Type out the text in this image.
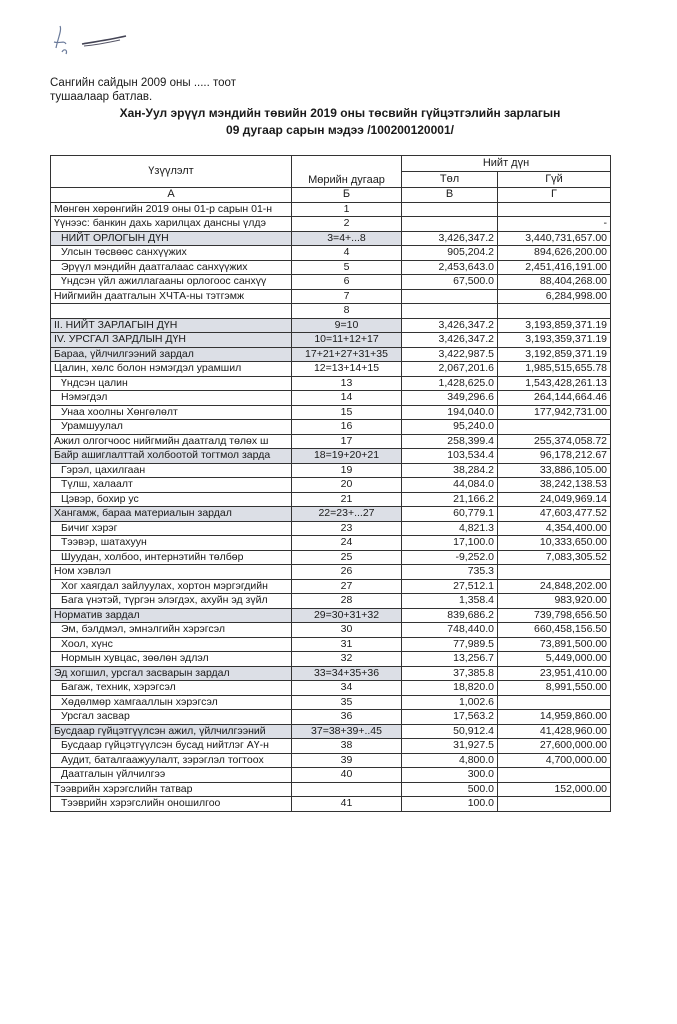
Сангийн сайдын 2009 оны ..... тоот
тушаалаар батлав.
Хан-Уул эрүүл мэндийн төвийн 2019 оны төсвийн гүйцэтгэлийн зарлагын
09 дугаар сарын мэдээ /100200120001/
Үзүүлэлт	Мөрийн дугаар	Нийт дүн	
		Төл	Гүй
А	Б	В	Г
Мөнгөн хөрөнгийн 2019 оны 01-р сарын 01-н	1		
Үүнээс: банкин дахь харилцах дансны үлдэ	2		-
НИЙТ ОРЛОГЫН ДҮН	3=4+...8	3,426,347.2	3,440,731,657.00
Улсын төсвөөс санхүүжих	4	905,204.2	894,626,200.00
Эрүүл мэндийн даатгалаас санхүүжих	5	2,453,643.0	2,451,416,191.00
Үндсэн үйл ажиллагааны орлогоос санхүү	6	67,500.0	88,404,268.00
Нийгмийн даатгалын ХЧТА-ны тэтгэмж	7		6,284,998.00
	8		
II. НИЙТ ЗАРЛАГЫН ДҮН	9=10	3,426,347.2	3,193,859,371.19
IV. УРСГАЛ ЗАРДЛЫН ДҮН	10=11+12+17	3,426,347.2	3,193,359,371.19
Бараа, үйлчилгээний зардал	17+21+27+31+35	3,422,987.5	3,192,859,371.19
Цалин, хөлс болон нэмэгдэл урамшил	12=13+14+15	2,067,201.6	1,985,515,655.78
Үндсэн цалин	13	1,428,625.0	1,543,428,261.13
Нэмэгдэл	14	349,296.6	264,144,664.46
Унаа хоолны Хөнгөлөлт	15	194,040.0	177,942,731.00
Урамшуулал	16	95,240.0	
Ажил олгогчоос нийгмийн даатгалд төлөх ш	17	258,399.4	255,374,058.72
Байр ашиглалттай холбоотой тогтмол зарда	18=19+20+21	103,534.4	96,178,212.67
Гэрэл, цахилгаан	19	38,284.2	33,886,105.00
Түлш, халаалт	20	44,084.0	38,242,138.53
Цэвэр, бохир ус	21	21,166.2	24,049,969.14
Хангамж, бараа материалын зардал	22=23+...27	60,779.1	47,603,477.52
Бичиг хэрэг	23	4,821.3	4,354,400.00
Тээвэр, шатахуун	24	17,100.0	10,333,650.00
Шуудан, холбоо, интернэтийн төлбөр	25	-9,252.0	7,083,305.52
Ном хэвлэл	26	735.3	
Хог хаягдал зайлуулах, хортон мэргэгдийн	27	27,512.1	24,848,202.00
Бага үнэтэй, түргэн элэгдэх, ахуйн эд зүйл	28	1,358.4	983,920.00
Норматив зардал	29=30+31+32	839,686.2	739,798,656.50
Эм, бэлдмэл, эмнэлгийн хэрэгсэл	30	748,440.0	660,458,156.50
Хоол, хүнс	31	77,989.5	73,891,500.00
Нормын хувцас, зөөлөн эдлэл	32	13,256.7	5,449,000.00
Эд хогшил, урсгал засварын зардал	33=34+35+36	37,385.8	23,951,410.00
Багаж, техник, хэрэгсэл	34	18,820.0	8,991,550.00
Хөдөлмөр хамгааллын хэрэгсэл	35	1,002.6	
Урсгал засвар	36	17,563.2	14,959,860.00
Бусдаар гүйцэтгүүлсэн ажил, үйлчилгээний	37=38+39+..45	50,912.4	41,428,960.00
Бусдаар гүйцэтгүүлсэн бусад нийтлэг АҮ-н	38	31,927.5	27,600,000.00
Аудит, баталгаажуулалт, зэрэглэл тогтоох	39	4,800.0	4,700,000.00
Даатгалын үйлчилгээ	40	300.0	
Тээврийн хэрэгслийн татвар		500.0	152,000.00
Тээврийн хэрэгслийн оношилгоо	41	100.0	
